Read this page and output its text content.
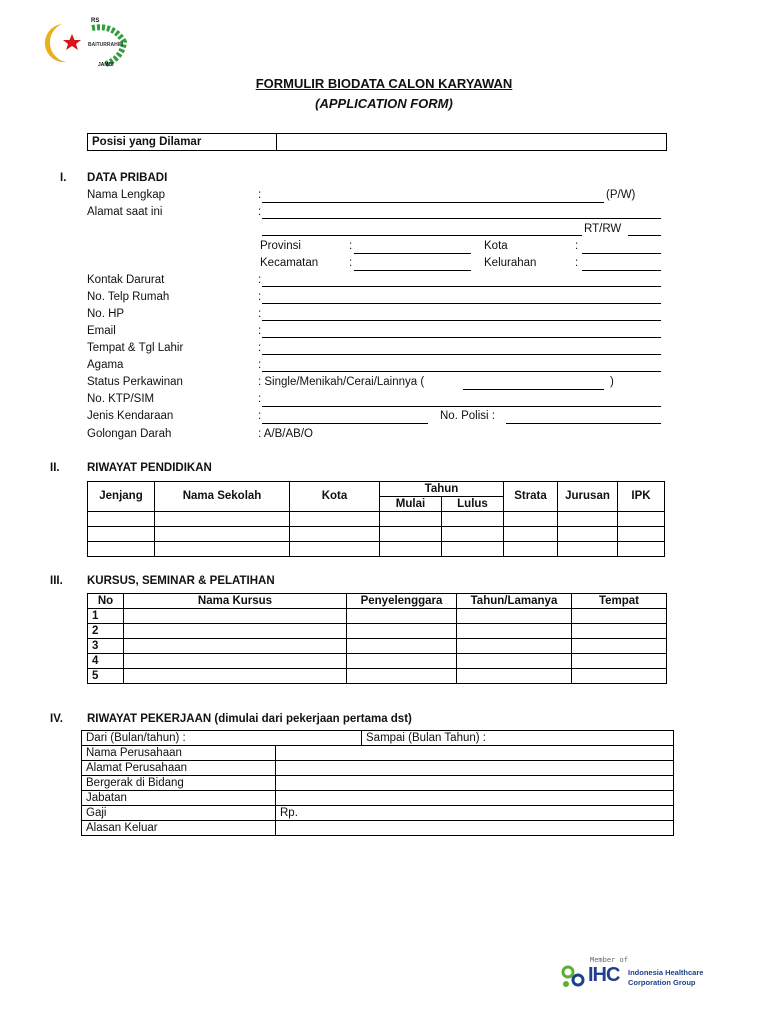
RS
BAITURRAHIM
JAMBI
FORMULIR BIODATA CALON KARYAWAN
(APPLICATION FORM)
Posisi yang Dilamar	
I. DATA PRIBADI
Nama Lengkap	:	(P/W)
Alamat saat ini	:
RT/RW
Provinsi	:	Kota	:
Kecamatan	:	Kelurahan	:
Kontak Darurat	:
No. Telp Rumah	:
No. HP	:
Email	:
Tempat & Tgl Lahir	:
Agama	:
Status Perkawinan	: Single/Menikah/Cerai/Lainnya (	)
No. KTP/SIM	:
Jenis Kendaraan	:	No. Polisi :
Golongan Darah	: A/B/AB/O
II. RIWAYAT PENDIDIKAN
Jenjang	Nama Sekolah	Kota	Tahun		Strata	Jurusan	IPK
			Mulai	Lulus			

III. KURSUS, SEMINAR & PELATIHAN
No	Nama Kursus	Penyelenggara	Tahun/Lamanya	Tempat
1				
2				
3				
4				
5				
IV. RIWAYAT PEKERJAAN (dimulai dari pekerjaan pertama dst)
Dari (Bulan/tahun) :		Sampai (Bulan Tahun) :
Nama Perusahaan		
Alamat Perusahaan		
Bergerak di Bidang		
Jabatan		
Gaji	Rp.	
Alasan Keluar		
Member of
IHC Indonesia Healthcare
Corporation Group
